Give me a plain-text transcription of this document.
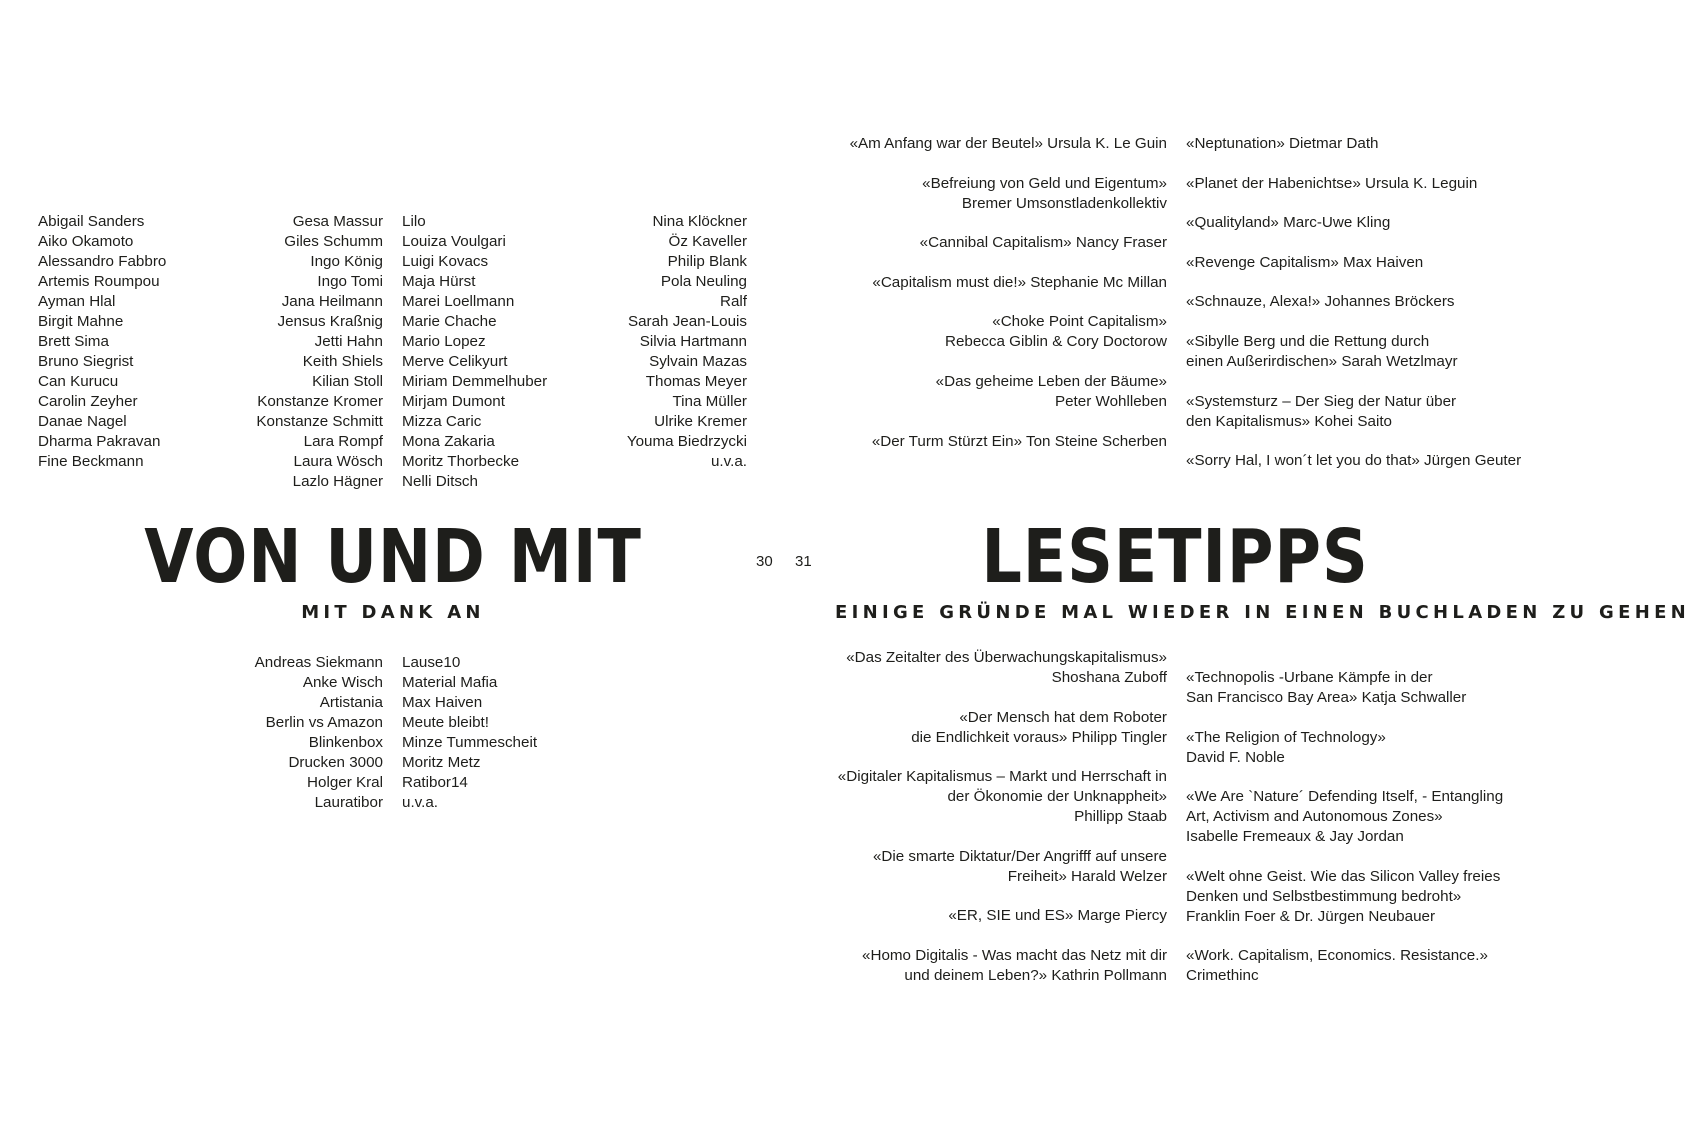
Abigail Sanders
Aiko Okamoto
Alessandro Fabbro
Artemis Roumpou
Ayman Hlal
Birgit Mahne
Brett Sima
Bruno Siegrist
Can Kurucu
Carolin Zeyher
Danae Nagel
Dharma Pakravan
Fine Beckmann
Gesa Massur
Giles Schumm
Ingo König
Ingo Tomi
Jana Heilmann
Jensus Kraßnig
Jetti Hahn
Keith Shiels
Kilian Stoll
Konstanze Kromer
Konstanze Schmitt
Lara Rompf
Laura Wösch
Lazlo Hägner
Lilo
Louiza Voulgari
Luigi Kovacs
Maja Hürst
Marei Loellmann
Marie Chache
Mario Lopez
Merve Celikyurt
Miriam Demmelhuber
Mirjam Dumont
Mizza Caric
Mona Zakaria
Moritz Thorbecke
Nelli Ditsch
Nina Klöckner
Öz Kaveller
Philip Blank
Pola Neuling
Ralf
Sarah Jean-Louis
Silvia Hartmann
Sylvain Mazas
Thomas Meyer
Tina Müller
Ulrike Kremer
Youma Biedrzycki
u.v.a.
VON UND MIT
MIT DANK AN
Andreas Siekmann
Anke Wisch
Artistania
Berlin vs Amazon
Blinkenbox
Drucken 3000
Holger Kral
Lauratibor
Lause10
Material Mafia
Max Haiven
Meute bleibt!
Minze Tummescheit
Moritz Metz
Ratibor14
u.v.a.
30 31

«Am Anfang war der Beutel» Ursula K. Le Guin

«Befreiung von Geld und Eigentum»
Bremer Umsonstladenkollektiv

«Cannibal Capitalism» Nancy Fraser

«Capitalism must die!» Stephanie Mc Millan

«Choke Point Capitalism»
Rebecca Giblin & Cory Doctorow

«Das geheime Leben der Bäume»
Peter Wohlleben

«Der Turm Stürzt Ein» Ton Steine Scherben

«Neptunation» Dietmar Dath

«Planet der Habenichtse» Ursula K. Leguin

«Qualityland» Marc-Uwe Kling

«Revenge Capitalism» Max Haiven

«Schnauze, Alexa!» Johannes Bröckers

«Sibylle Berg und die Rettung durch
einen Außerirdischen» Sarah Wetzlmayr

«Systemsturz – Der Sieg der Natur über
den Kapitalismus» Kohei Saito

«Sorry Hal, I won´t let you do that» Jürgen Geuter

LESETIPPS
EINIGE GRÜNDE MAL WIEDER IN EINEN BUCHLADEN ZU GEHEN

«Das Zeitalter des Überwachungskapitalismus»
Shoshana Zuboff

«Der Mensch hat dem Roboter
die Endlichkeit voraus» Philipp Tingler

«Digitaler Kapitalismus – Markt und Herrschaft in
der Ökonomie der Unknappheit»
Phillipp Staab

«Die smarte Diktatur/Der Angrifff auf unsere
Freiheit» Harald Welzer

«ER, SIE und ES» Marge Piercy

«Homo Digitalis - Was macht das Netz mit dir
und deinem Leben?» Kathrin Pollmann

«Technopolis -Urbane Kämpfe in der
San Francisco Bay Area» Katja Schwaller

«The Religion of Technology»
David F. Noble

«We Are `Nature´ Defending Itself, - Entangling
Art, Activism and Autonomous Zones»
Isabelle Fremeaux & Jay Jordan

«Welt ohne Geist. Wie das Silicon Valley freies
Denken und Selbstbestimmung bedroht»
Franklin Foer & Dr. Jürgen Neubauer

«Work. Capitalism, Economics. Resistance.»
Crimethinc
